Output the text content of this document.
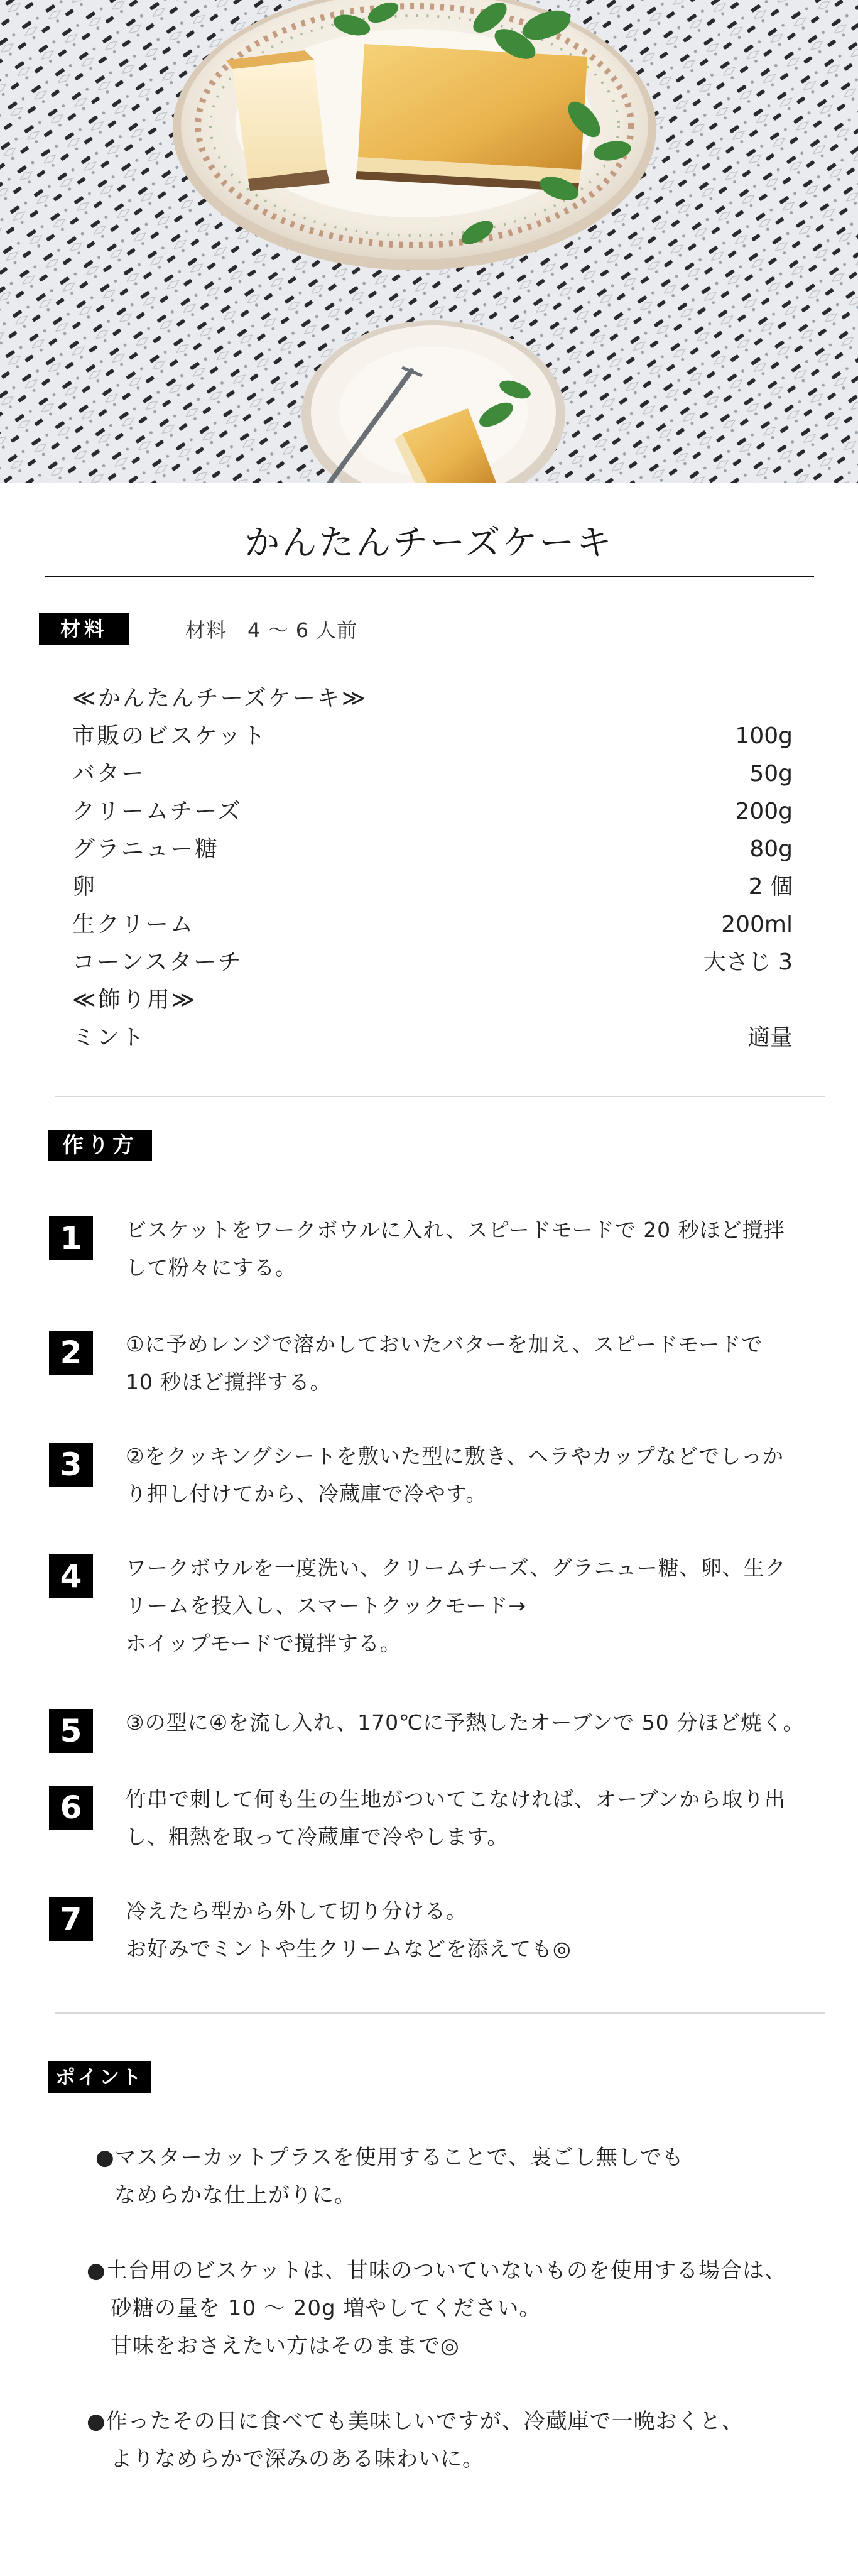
かんたんチーズケーキ
材料	材料　4 〜 6 人前
≪かんたんチーズケーキ≫
市販のビスケット	100g
バター	50g
クリームチーズ	200g
グラニュー糖	80g
卵	2 個
生クリーム	200ml
コーンスターチ	大さじ 3
≪飾り用≫
ミント	適量
作り方
1	ビスケットをワークボウルに入れ、スピードモードで 20 秒ほど撹拌
して粉々にする。
2	①に予めレンジで溶かしておいたバターを加え、スピードモードで
10 秒ほど撹拌する。
3	②をクッキングシートを敷いた型に敷き、ヘラやカップなどでしっか
り押し付けてから、冷蔵庫で冷やす。
4	ワークボウルを一度洗い、クリームチーズ、グラニュー糖、卵、生ク
リームを投入し、スマートクックモード→
ホイップモードで撹拌する。
5	③の型に④を流し入れ、170℃に予熱したオーブンで 50 分ほど焼く。
6	竹串で刺して何も生の生地がついてこなければ、オーブンから取り出
し、粗熱を取って冷蔵庫で冷やします。
7	冷えたら型から外して切り分ける。
お好みでミントや生クリームなどを添えても◎
ポイント
●マスターカットプラスを使用することで、裏ごし無しでも
なめらかな仕上がりに。
●土台用のビスケットは、甘味のついていないものを使用する場合は、
砂糖の量を 10 〜 20g 増やしてください。
甘味をおさえたい方はそのままで◎
●作ったその日に食べても美味しいですが、冷蔵庫で一晩おくと、
よりなめらかで深みのある味わいに。
